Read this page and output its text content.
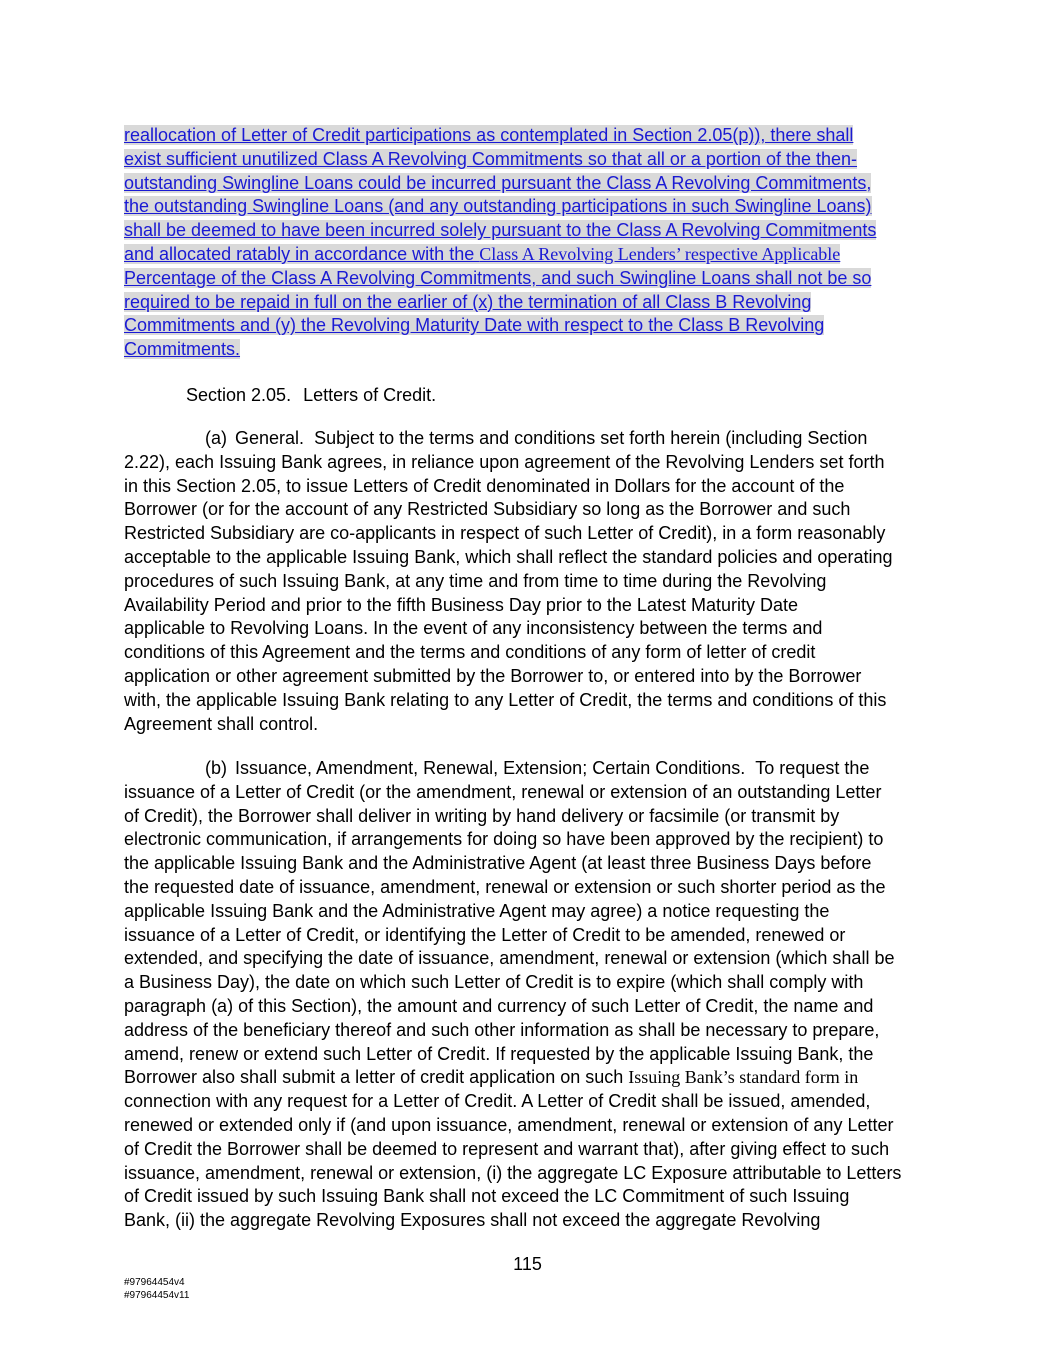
reallocation of Letter of Credit participations as contemplated in Section 2.05(p)), there shall
exist sufficient unutilized Class A Revolving Commitments so that all or a portion of the then-
outstanding Swingline Loans could be incurred pursuant the Class A Revolving Commitments,
the outstanding Swingline Loans (and any outstanding participations in such Swingline Loans)
shall be deemed to have been incurred solely pursuant to the Class A Revolving Commitments
and allocated ratably in accordance with the Class A Revolving Lenders’ respective Applicable
Percentage of the Class A Revolving Commitments, and such Swingline Loans shall not be so
required to be repaid in full on the earlier of (x) the termination of all Class B Revolving
Commitments and (y) the Revolving Maturity Date with respect to the Class B Revolving
Commitments.
Section 2.05. Letters of Credit.
(a) General. Subject to the terms and conditions set forth herein (including Section
2.22), each Issuing Bank agrees, in reliance upon agreement of the Revolving Lenders set forth
in this Section 2.05, to issue Letters of Credit denominated in Dollars for the account of the
Borrower (or for the account of any Restricted Subsidiary so long as the Borrower and such
Restricted Subsidiary are co-applicants in respect of such Letter of Credit), in a form reasonably
acceptable to the applicable Issuing Bank, which shall reflect the standard policies and operating
procedures of such Issuing Bank, at any time and from time to time during the Revolving
Availability Period and prior to the fifth Business Day prior to the Latest Maturity Date
applicable to Revolving Loans. In the event of any inconsistency between the terms and
conditions of this Agreement and the terms and conditions of any form of letter of credit
application or other agreement submitted by the Borrower to, or entered into by the Borrower
with, the applicable Issuing Bank relating to any Letter of Credit, the terms and conditions of this
Agreement shall control.
(b) Issuance, Amendment, Renewal, Extension; Certain Conditions. To request the
issuance of a Letter of Credit (or the amendment, renewal or extension of an outstanding Letter
of Credit), the Borrower shall deliver in writing by hand delivery or facsimile (or transmit by
electronic communication, if arrangements for doing so have been approved by the recipient) to
the applicable Issuing Bank and the Administrative Agent (at least three Business Days before
the requested date of issuance, amendment, renewal or extension or such shorter period as the
applicable Issuing Bank and the Administrative Agent may agree) a notice requesting the
issuance of a Letter of Credit, or identifying the Letter of Credit to be amended, renewed or
extended, and specifying the date of issuance, amendment, renewal or extension (which shall be
a Business Day), the date on which such Letter of Credit is to expire (which shall comply with
paragraph (a) of this Section), the amount and currency of such Letter of Credit, the name and
address of the beneficiary thereof and such other information as shall be necessary to prepare,
amend, renew or extend such Letter of Credit. If requested by the applicable Issuing Bank, the
Borrower also shall submit a letter of credit application on such Issuing Bank’s standard form in
connection with any request for a Letter of Credit. A Letter of Credit shall be issued, amended,
renewed or extended only if (and upon issuance, amendment, renewal or extension of any Letter
of Credit the Borrower shall be deemed to represent and warrant that), after giving effect to such
issuance, amendment, renewal or extension, (i) the aggregate LC Exposure attributable to Letters
of Credit issued by such Issuing Bank shall not exceed the LC Commitment of such Issuing
Bank, (ii) the aggregate Revolving Exposures shall not exceed the aggregate Revolving
115
#97964454v4
#97964454v11
